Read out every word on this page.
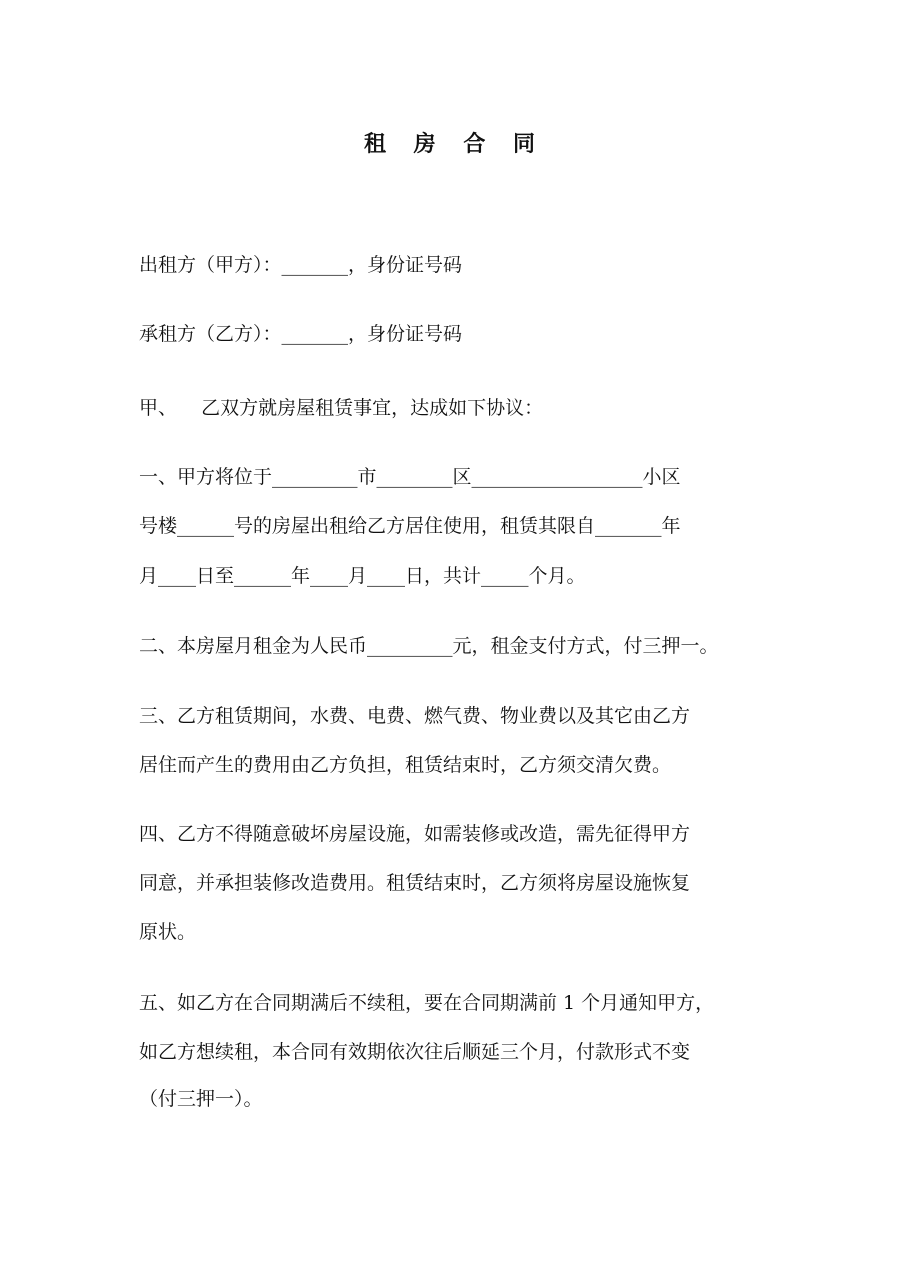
租 房 合 同
出租方（甲方）：_______，身份证号码
承租方（乙方）：_______，身份证号码
甲、    乙双方就房屋租赁事宜，达成如下协议：
一、甲方将位于_________市________区__________________小区
号楼______号的房屋出租给乙方居住使用，租赁其限自_______年
月____日至______年____月____日，共计_____个月。
二、本房屋月租金为人民币_________元，租金支付方式，付三押一。
三、乙方租赁期间，水费、电费、燃气费、物业费以及其它由乙方
居住而产生的费用由乙方负担，租赁结束时，乙方须交清欠费。
四、乙方不得随意破坏房屋设施，如需装修或改造，需先征得甲方
同意，并承担装修改造费用。租赁结束时，乙方须将房屋设施恢复
原状。
五、如乙方在合同期满后不续租，要在合同期满前 1 个月通知甲方，
如乙方想续租，本合同有效期依次往后顺延三个月，付款形式不变
（付三押一）。
